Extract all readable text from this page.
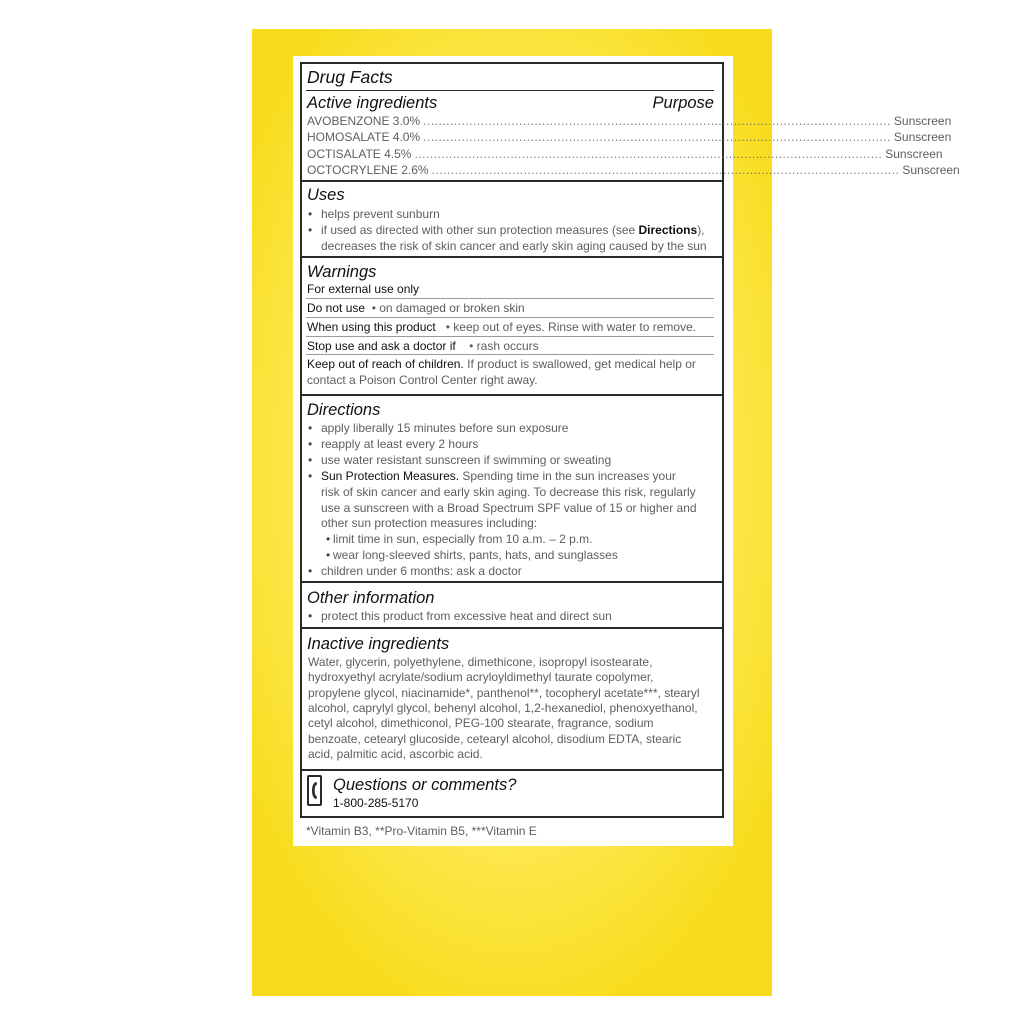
Drug Facts
Active ingredients	Purpose
AVOBENZONE 3.0% .......................................................................................................................... Sunscreen
HOMOSALATE 4.0% .......................................................................................................................... Sunscreen
OCTISALATE 4.5% .......................................................................................................................... Sunscreen
OCTOCRYLENE 2.6% .......................................................................................................................... Sunscreen
Uses
• helps prevent sunburn
• if used as directed with other sun protection measures (see Directions),
decreases the risk of skin cancer and early skin aging caused by the sun
Warnings
For external use only
Do not use • on damaged or broken skin
When using this product • keep out of eyes. Rinse with water to remove.
Stop use and ask a doctor if • rash occurs
Keep out of reach of children. If product is swallowed, get medical help or
contact a Poison Control Center right away.
Directions
• apply liberally 15 minutes before sun exposure
• reapply at least every 2 hours
• use water resistant sunscreen if swimming or sweating
• Sun Protection Measures. Spending time in the sun increases your
risk of skin cancer and early skin aging. To decrease this risk, regularly
use a sunscreen with a Broad Spectrum SPF value of 15 or higher and
other sun protection measures including:
• limit time in sun, especially from 10 a.m. – 2 p.m.
• wear long-sleeved shirts, pants, hats, and sunglasses
• children under 6 months: ask a doctor
Other information
• protect this product from excessive heat and direct sun
Inactive ingredients
Water, glycerin, polyethylene, dimethicone, isopropyl isostearate,
hydroxyethyl acrylate/sodium acryloyldimethyl taurate copolymer,
propylene glycol, niacinamide*, panthenol**, tocopheryl acetate***, stearyl
alcohol, caprylyl glycol, behenyl alcohol, 1,2-hexanediol, phenoxyethanol,
cetyl alcohol, dimethiconol, PEG-100 stearate, fragrance, sodium
benzoate, cetearyl glucoside, cetearyl alcohol, disodium EDTA, stearic
acid, palmitic acid, ascorbic acid.
Questions or comments?
1-800-285-5170
*Vitamin B3, **Pro-Vitamin B5, ***Vitamin E
